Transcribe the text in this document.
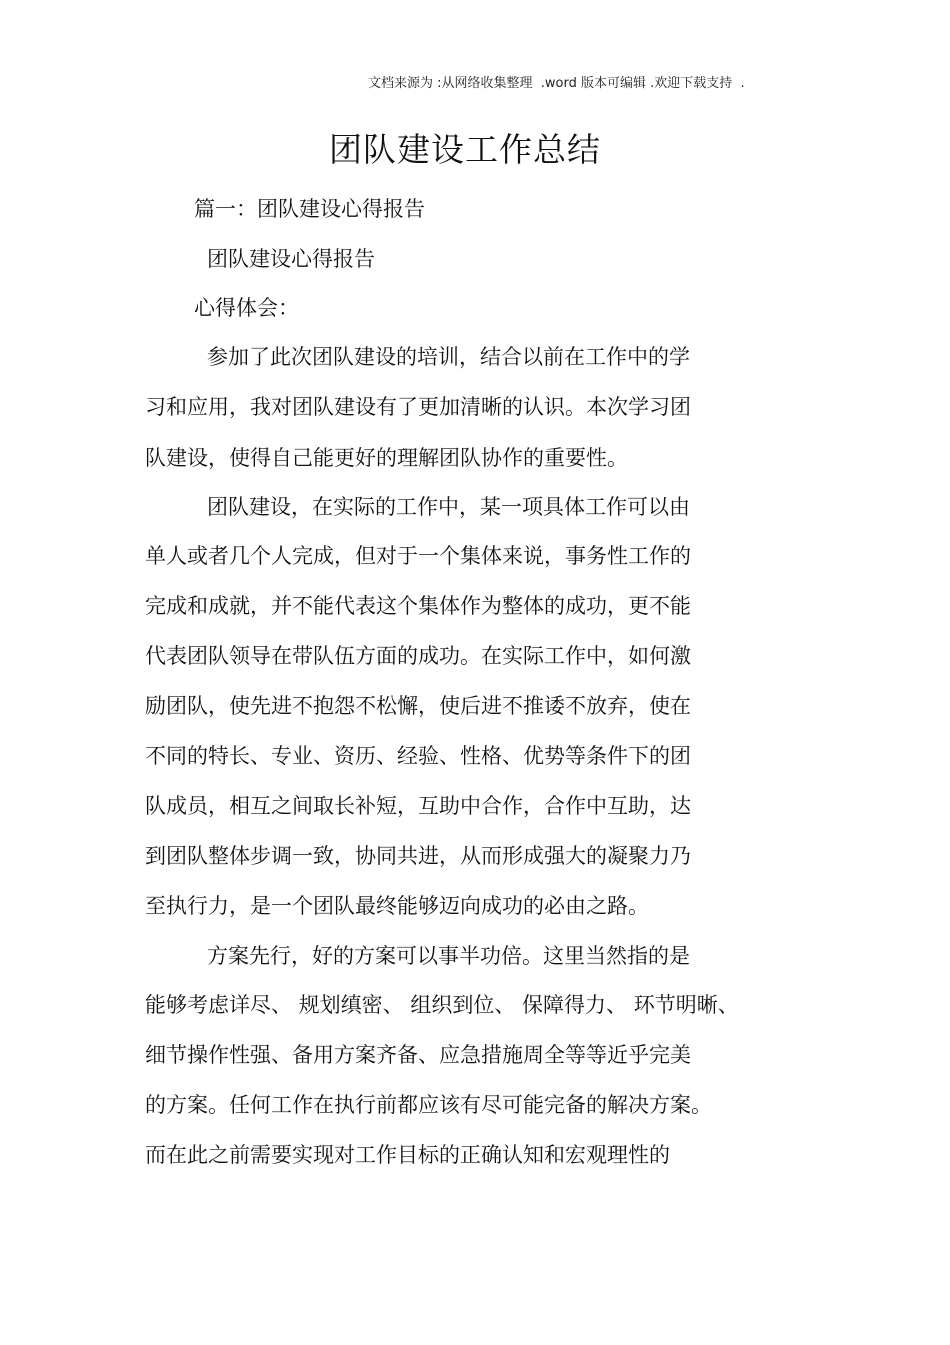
文档来源为 :从网络收集整理  .word 版本可编辑 .欢迎下载支持  .
团队建设工作总结
篇一：团队建设心得报告
团队建设心得报告
心得体会：
参加了此次团队建设的培训，结合以前在工作中的学
习和应用，我对团队建设有了更加清晰的认识。本次学习团
队建设，使得自己能更好的理解团队协作的重要性。
团队建设，在实际的工作中，某一项具体工作可以由
单人或者几个人完成，但对于一个集体来说，事务性工作的
完成和成就，并不能代表这个集体作为整体的成功，更不能
代表团队领导在带队伍方面的成功。在实际工作中，如何激
励团队，使先进不抱怨不松懈，使后进不推诿不放弃，使在
不同的特长、专业、资历、经验、性格、优势等条件下的团
队成员，相互之间取长补短，互助中合作，合作中互助，达
到团队整体步调一致，协同共进，从而形成强大的凝聚力乃
至执行力，是一个团队最终能够迈向成功的必由之路。
方案先行，好的方案可以事半功倍。这里当然指的是
能够考虑详尽、 规划缜密、 组织到位、 保障得力、 环节明晰、
细节操作性强、备用方案齐备、应急措施周全等等近乎完美
的方案。任何工作在执行前都应该有尽可能完备的解决方案。
而在此之前需要实现对工作目标的正确认知和宏观理性的
